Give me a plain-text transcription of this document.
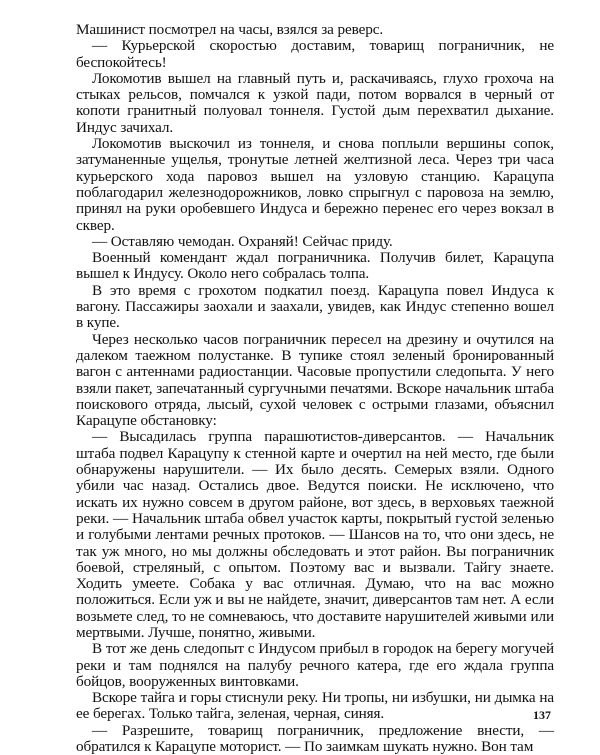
Машинист посмотрел на часы, взялся за реверс.

— Курьерской скоростью доставим, товарищ пограничник, не беспокойтесь!

Локомотив вышел на главный путь и, раскачиваясь, глухо грохоча на стыках рельсов, помчался к узкой пади, потом ворвался в черный от копоти гранитный полуовал тоннеля. Густой дым перехватил дыхание. Индус зачихал.

Локомотив выскочил из тоннеля, и снова поплыли вершины сопок, затуманенные ущелья, тронутые летней желтизной леса. Через три часа курьерского хода паровоз вышел на узловую станцию. Карацупа поблагодарил железнодорожников, ловко спрыгнул с паровоза на землю, принял на руки оробевшего Индуса и бережно перенес его через вокзал в сквер.

— Оставляю чемодан. Охраняй! Сейчас приду.

Военный комендант ждал пограничника. Получив билет, Карацупа вышел к Индусу. Около него собралась толпа.

В это время с грохотом подкатил поезд. Карацупа повел Индуса к вагону. Пассажиры заохали и заахали, увидев, как Индус степенно вошел в купе.

Через несколько часов пограничник пересел на дрезину и очутился на далеком таежном полустанке. В тупике стоял зеленый бронированный вагон с антеннами радиостанции. Часовые пропустили следопыта. У него взяли пакет, запечатанный сургучными печатями. Вскоре начальник штаба поискового отряда, лысый, сухой человек с острыми глазами, объяснил Карацупе обстановку:

— Высадилась группа парашютистов-диверсантов. — Начальник штаба подвел Карацупу к стенной карте и очертил на ней место, где были обнаружены нарушители. — Их было десять. Семерых взяли. Одного убили час назад. Остались двое. Ведутся поиски. Не исключено, что искать их нужно совсем в другом районе, вот здесь, в верховьях таежной реки. — Начальник штаба обвел участок карты, покрытый густой зеленью и голубыми лентами речных протоков. — Шансов на то, что они здесь, не так уж много, но мы должны обследовать и этот район. Вы пограничник боевой, стреляный, с опытом. Поэтому вас и вызвали. Тайгу знаете. Ходить умеете. Собака у вас отличная. Думаю, что на вас можно положиться. Если уж и вы не найдете, значит, диверсантов там нет. А если возьмете след, то не сомневаюсь, что доставите нарушителей живыми или мертвыми. Лучше, понятно, живыми.

В тот же день следопыт с Индусом прибыл в городок на берегу могучей реки и там поднялся на палубу речного катера, где его ждала группа бойцов, вооруженных винтовками.

Вскоре тайга и горы стиснули реку. Ни тропы, ни избушки, ни дымка на ее берегах. Только тайга, зеленая, черная, синяя.

— Разрешите, товарищ пограничник, предложение внести, — обратился к Карацупе моторист. — По заимкам шукать нужно. Вон там

137
